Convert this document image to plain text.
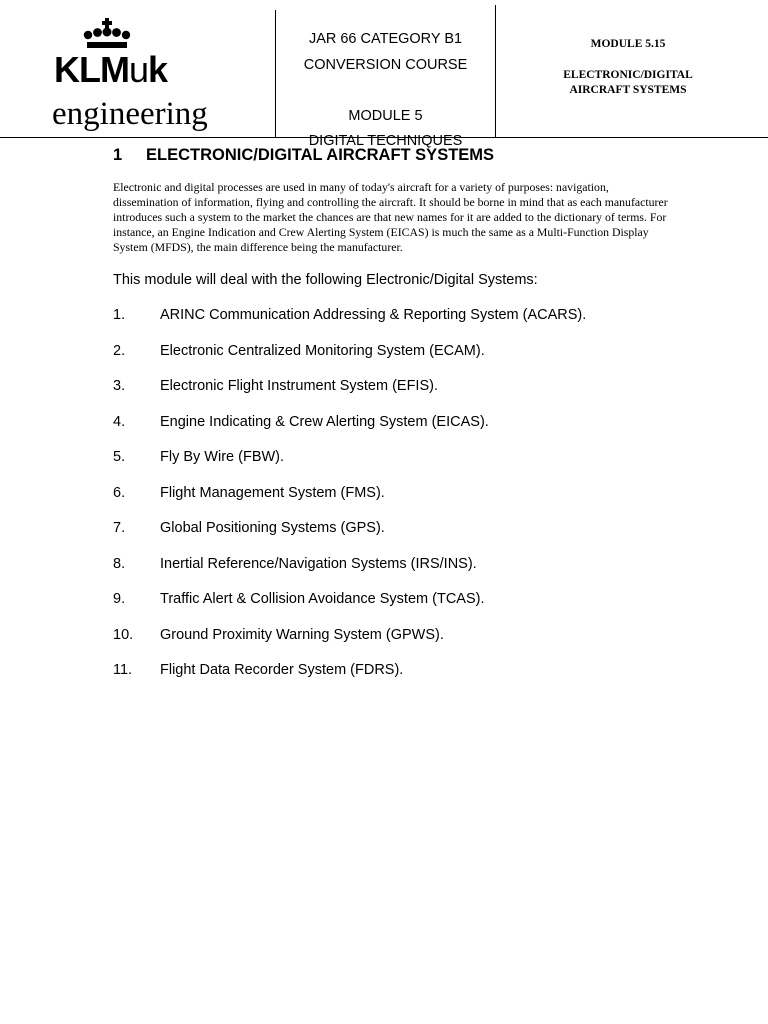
KLMuk

engineering

JAR 66 CATEGORY B1
CONVERSION COURSE
MODULE 5
DIGITAL TECHNIQUES
MODULE 5.15
ELECTRONIC/DIGITAL
AIRCRAFT SYSTEMS
1 ELECTRONIC/DIGITAL AIRCRAFT SYSTEMS

Electronic and digital processes are used in many of today's aircraft for a variety of purposes: navigation, dissemination of information, flying and controlling the aircraft. It should be borne in mind that as each manufacturer introduces such a system to the market the chances are that new names for it are added to the dictionary of terms. For instance, an Engine Indication and Crew Alerting System (EICAS) is much the same as a Multi-Function Display System (MFDS), the main difference being the manufacturer.

This module will deal with the following Electronic/Digital Systems:

1. ARINC Communication Addressing & Reporting System (ACARS).
2. Electronic Centralized Monitoring System (ECAM).
3. Electronic Flight Instrument System (EFIS).
4. Engine Indicating & Crew Alerting System (EICAS).
5. Fly By Wire (FBW).
6. Flight Management System (FMS).
7. Global Positioning Systems (GPS).
8. Inertial Reference/Navigation Systems (IRS/INS).
9. Traffic Alert & Collision Avoidance System (TCAS).
10. Ground Proximity Warning System (GPWS).
11. Flight Data Recorder System (FDRS).
